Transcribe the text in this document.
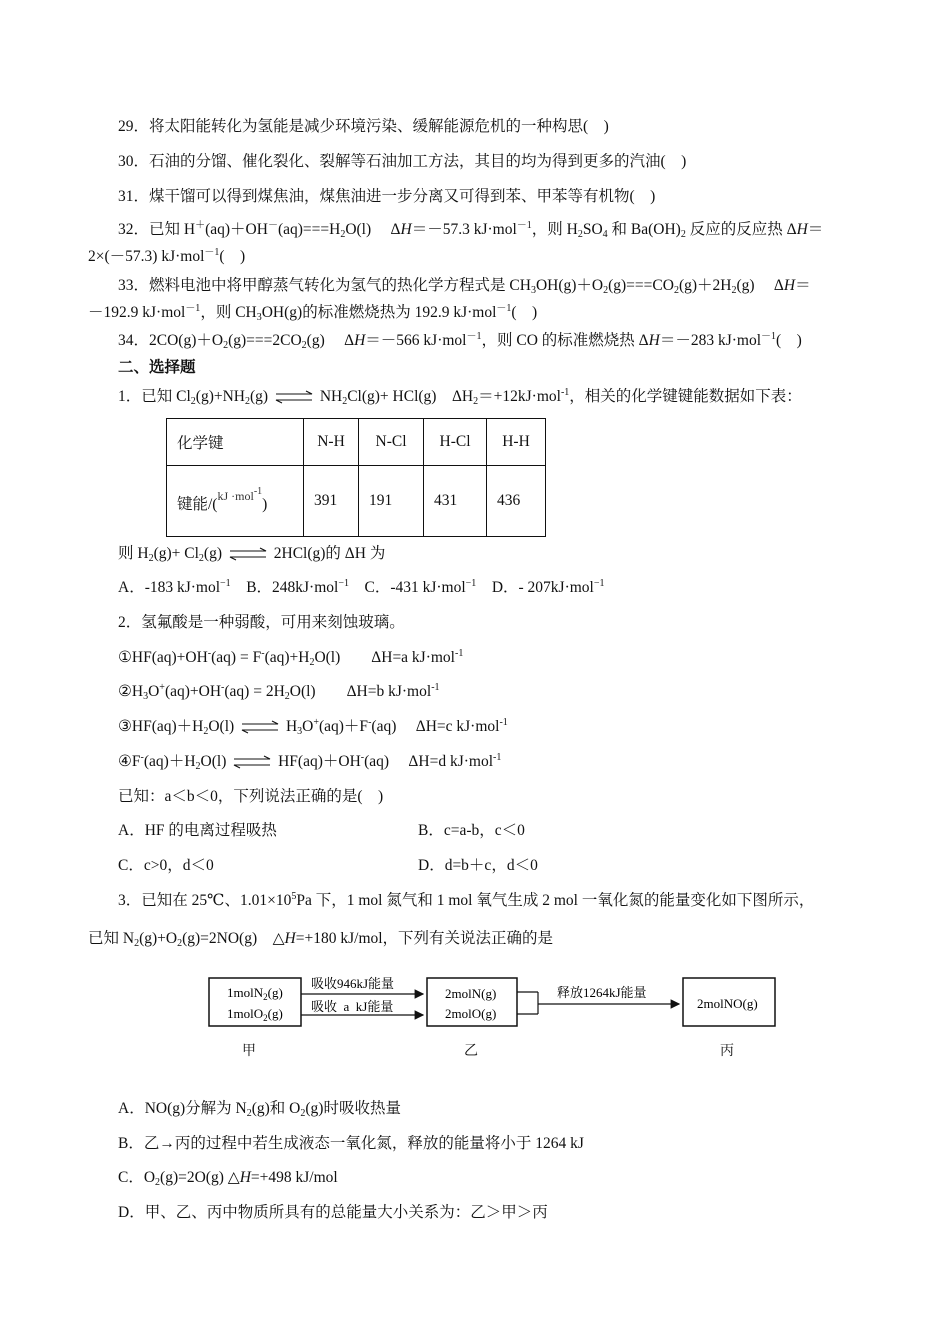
29．将太阳能转化为氢能是减少环境污染、缓解能源危机的一种构思(　)
30．石油的分馏、催化裂化、裂解等石油加工方法，其目的均为得到更多的汽油(　)
31．煤干馏可以得到煤焦油，煤焦油进一步分离又可得到苯、甲苯等有机物(　)
32．已知 $H^+(aq)+OH^-(aq)===H_2O(l)$　 ΔH＝－57.3 kJ·mol$^{-1}$，则 $H_2SO_4$ 和 $Ba(OH)_2$ 反应的反应热 ΔH＝
2×(－57.3) kJ·mol$^{-1}$(　)
33．燃料电池中将甲醇蒸气转化为氢气的热化学方程式是 $CH_3OH(g)+O_2(g)===CO_2(g)+2H_2(g)$　 ΔH＝
－192.9 kJ·mol$^{-1}$，则 $CH_3OH(g)$的标准燃烧热为 192.9 kJ·mol$^{-1}$(　)
34．$2CO(g)+O_2(g)===2CO_2(g)$　 ΔH＝－566 kJ·mol$^{-1}$，则 CO 的标准燃烧热 ΔH＝－283 kJ·mol$^{-1}$(　)
二、选择题
1．已知 $Cl_2(g)+NH_2(g)$ ⇌ $NH_2Cl(g)+ HCl(g)$　$\Delta H_2=+12kJ\cdot mol^{-1}$，相关的化学键键能数据如下表：
化学键	N-H	N-Cl	H-Cl	H-H
键能/($^{kJ \cdot mol^{-1}}$)	391	191	431	436
则 $H_2(g)+ Cl_2(g)$ ⇌ 2HCl(g)的 ΔH 为
A．-183 kJ·mol$^{-1}$　B．248kJ·mol$^{-1}$　C．-431 kJ·mol$^{-1}$　D．- 207kJ·mol$^{-1}$
2．氢氟酸是一种弱酸，可用来刻蚀玻璃。
①HF(aq)+OH-(aq) = $F^-(aq)+H_2O(l)$　　ΔH=a kJ·mol$^{-1}$
$②H_3O^+(aq)+OH^-(aq) = 2H_2O(l)$　　ΔH=b kJ·mol$^{-1}$
$③HF(aq)+H_2O(l)$ ⇌ $H_3O^+(aq)+F^-(aq)$　 ΔH=c kJ·mol$^{-1}$
$④F^-(aq)+H_2O(l)$ ⇌ HF(aq)＋OH-(aq)　 ΔH=d kJ·mol$^{-1}$
已知：a＜b＜0，下列说法正确的是(　)
A．HF 的电离过程吸热	B．c=a-b，c＜0
C．c>0，d＜0	D．d=b＋c，d＜0
3．已知在 25℃、$1.01\times 10^5Pa$ 下，1 mol 氮气和 1 mol 氧气生成 2 mol 一氧化氮的能量变化如下图所示，
已知 $N_2(g)+O_2(g)=2NO(g)$　△H=+180 kJ/mol，下列有关说法正确的是
1molN$_2$(g)
1molO$_2$(g)
吸收946kJ能量
吸收  a  kJ能量
2molN(g)
2molO(g)
释放1264kJ能量
2molNO(g)
甲	乙	丙
A．NO(g)分解为 $N_2(g)$和 $O_2(g)$时吸收热量
B．乙→丙的过程中若生成液态一氧化氮，释放的能量将小于 1264 kJ
C．$O_2(g)=2O(g)$ △H=+498 kJ/mol
D．甲、乙、丙中物质所具有的总能量大小关系为：乙＞甲＞丙
